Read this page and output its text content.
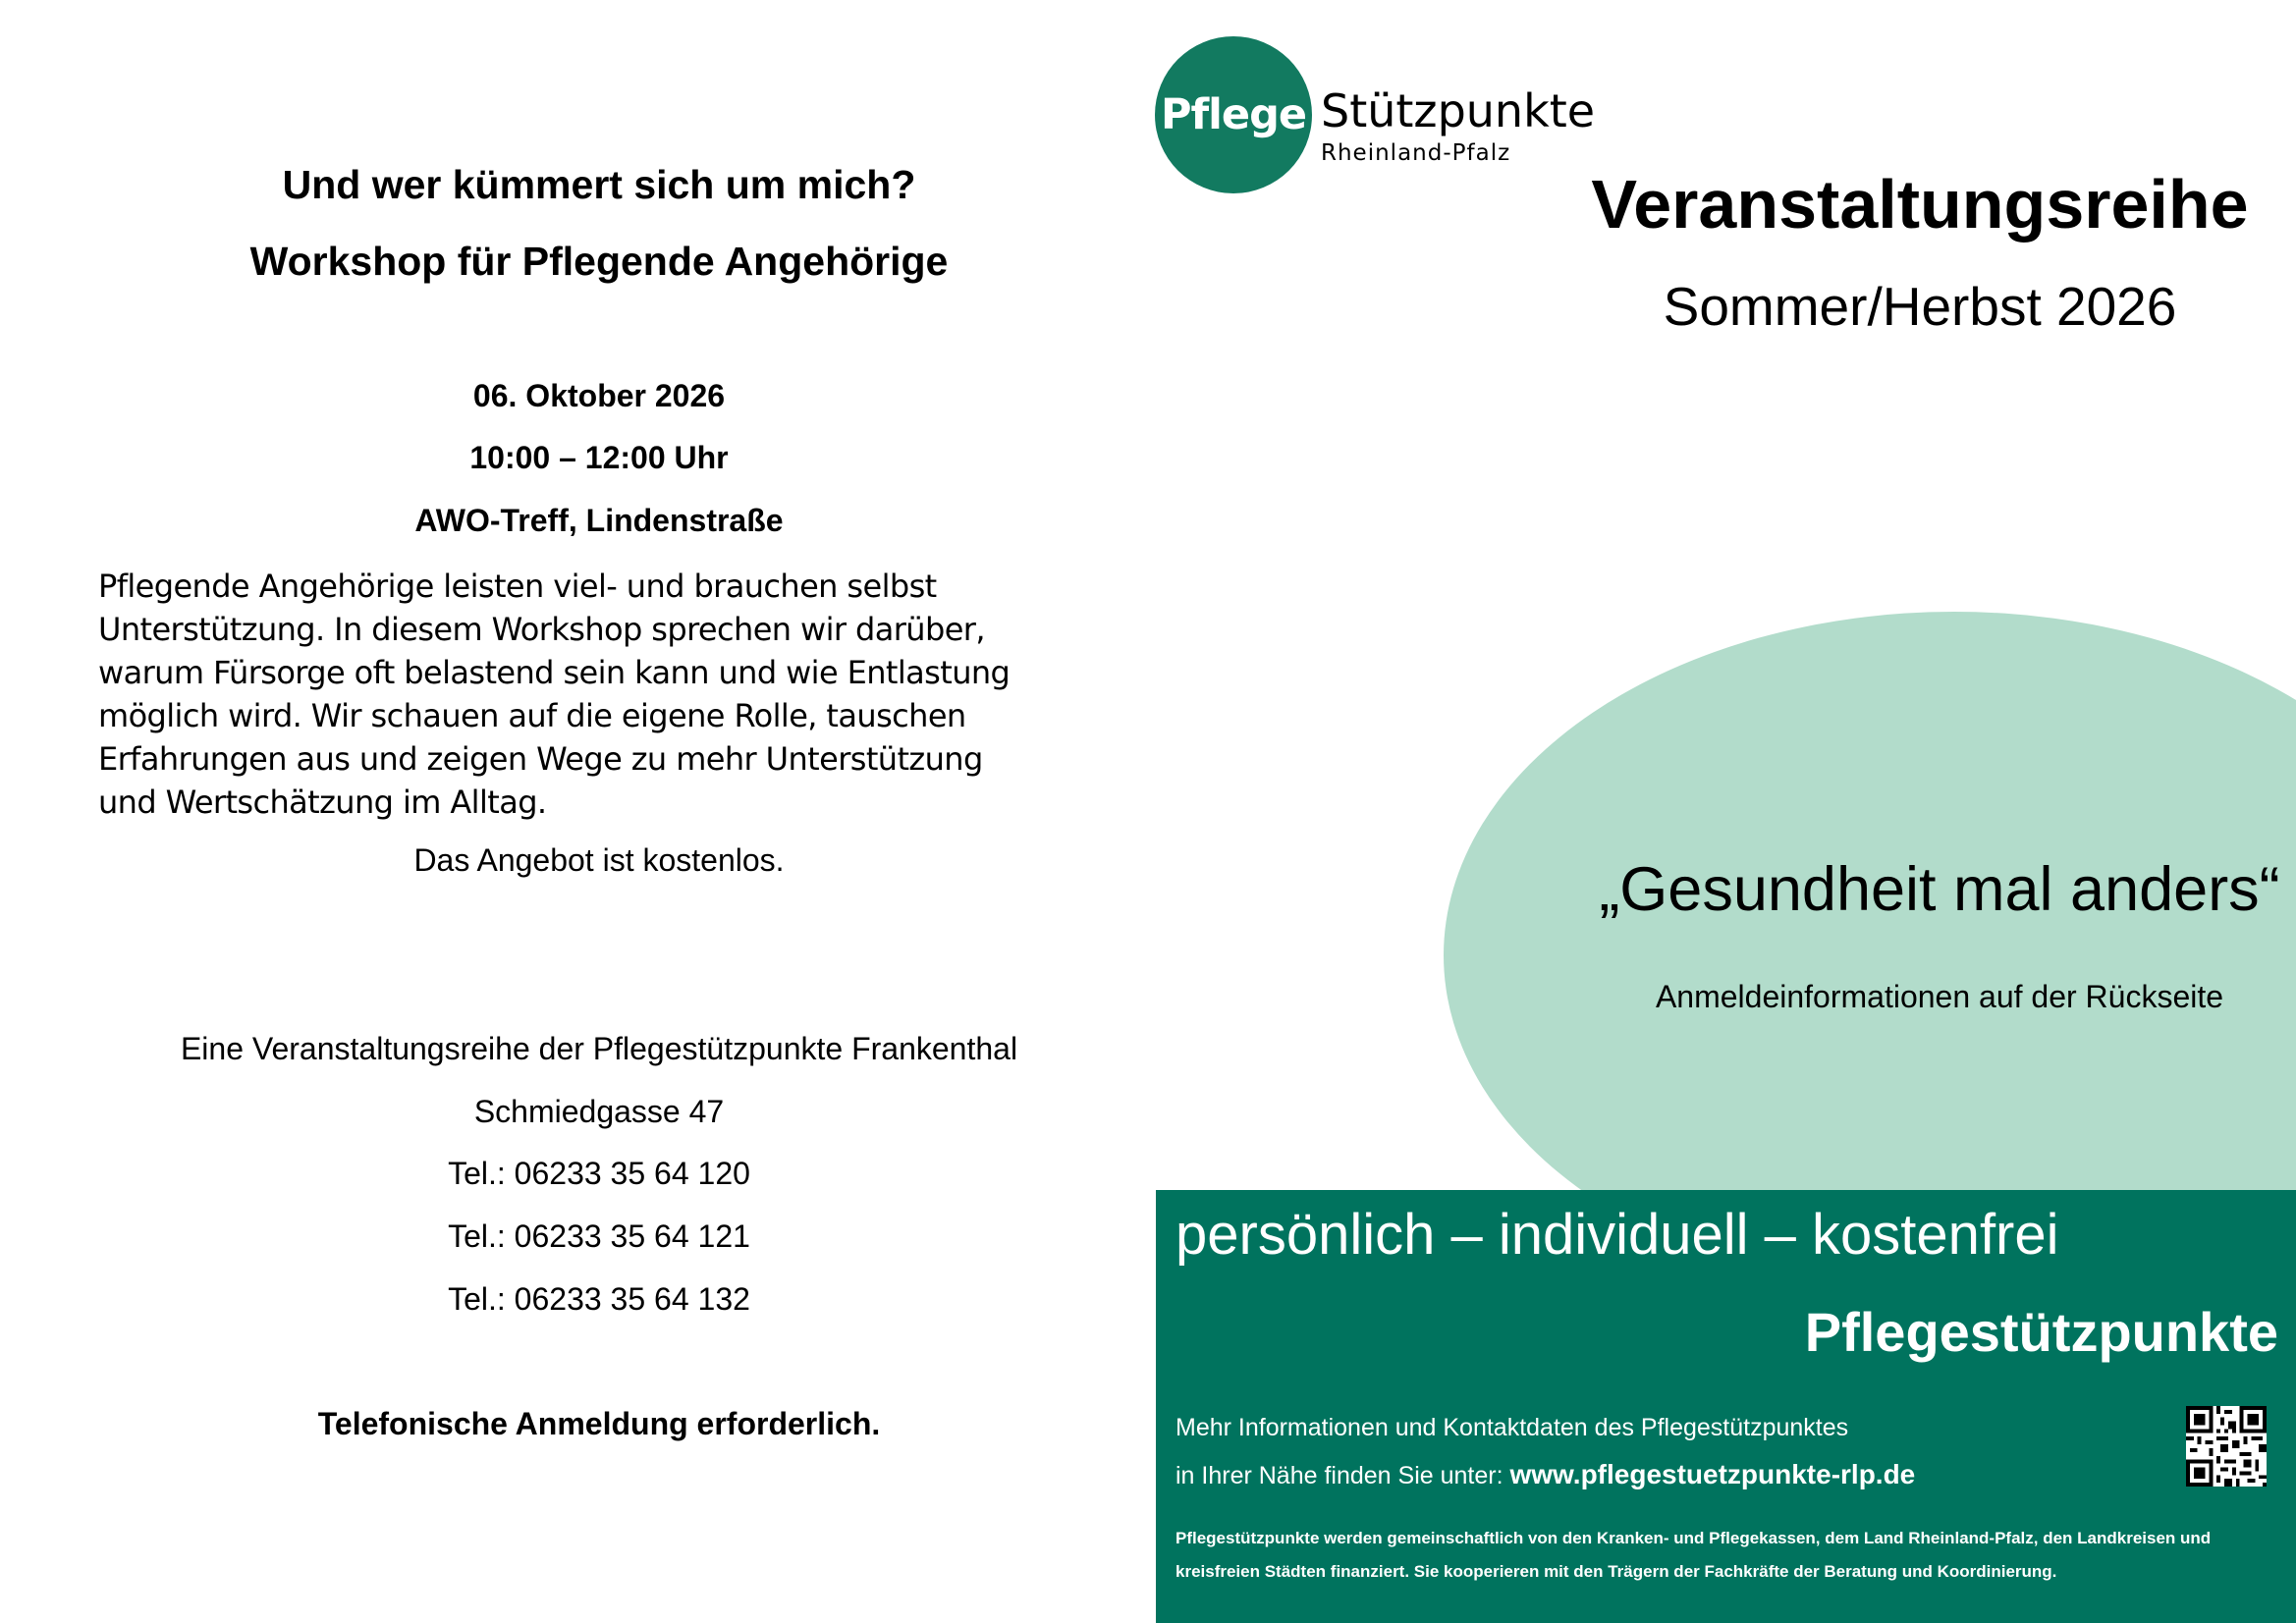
Und wer kümmert sich um mich?
Workshop für Pflegende Angehörige
06. Oktober 2026
10:00 – 12:00 Uhr
AWO-Treff, Lindenstraße
Pflegende Angehörige leisten viel- und brauchen selbst Unterstützung. In diesem Workshop sprechen wir darüber, warum Fürsorge oft belastend sein kann und wie Entlastung möglich wird. Wir schauen auf die eigene Rolle, tauschen Erfahrungen aus und zeigen Wege zu mehr Unterstützung und Wertschätzung im Alltag.
Das Angebot ist kostenlos.
Eine Veranstaltungsreihe der Pflegestützpunkte Frankenthal
Schmiedgasse 47
Tel.: 06233 35 64 120
Tel.: 06233 35 64 121
Tel.: 06233 35 64 132
Telefonische Anmeldung erforderlich.
Pflege Stützpunkte
Rheinland-Pfalz
Veranstaltungsreihe
Sommer/Herbst 2026
„Gesundheit mal anders“
Anmeldeinformationen auf der Rückseite
persönlich – individuell – kostenfrei
Pflegestützpunkte
Mehr Informationen und Kontaktdaten des Pflegestützpunktes
in Ihrer Nähe finden Sie unter: www.pflegestuetzpunkte-rlp.de
Pflegestützpunkte werden gemeinschaftlich von den Kranken- und Pflegekassen, dem Land Rheinland-Pfalz, den Landkreisen und kreisfreien Städten finanziert. Sie kooperieren mit den Trägern der Fachkräfte der Beratung und Koordinierung.
